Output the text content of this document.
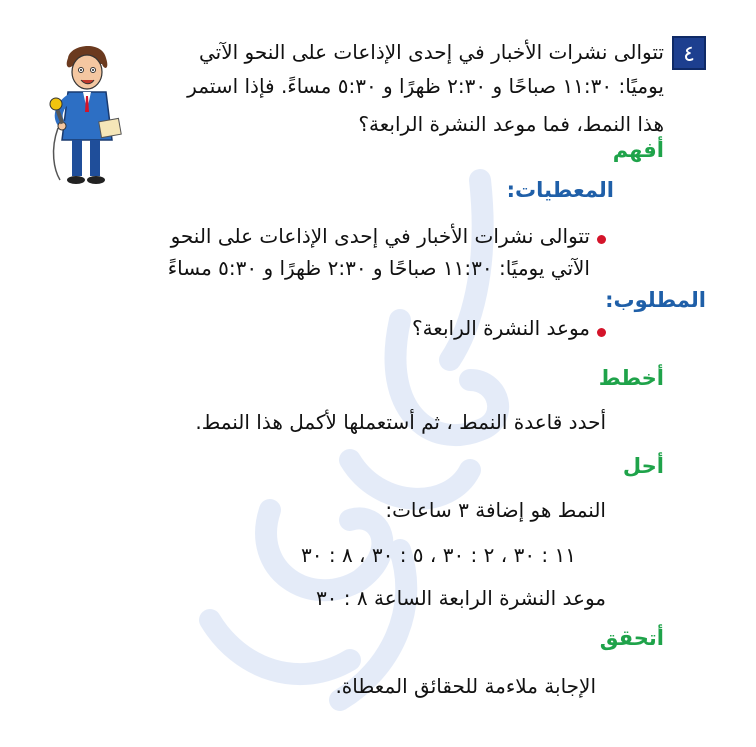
٤
تتوالى نشرات الأخبار في إحدى الإذاعات على النحو الآتي
يوميًا: ١١:٣٠ صباحًا و ٢:٣٠ ظهرًا و ٥:٣٠ مساءً. فإذا استمر
هذا النمط، فما موعد النشرة الرابعة؟
أفهم
المعطيات:
تتوالى نشرات الأخبار في إحدى الإذاعات على النحو
الآتي يوميًا: ١١:٣٠ صباحًا و ٢:٣٠ ظهرًا و ٥:٣٠ مساءً
المطلوب:
موعد النشرة الرابعة؟
أخطط
أحدد قاعدة النمط ، ثم أستعملها لأكمل هذا النمط.
أحل
النمط هو إضافة ٣ ساعات:
١١ : ٣٠ ، ٢ : ٣٠ ، ٥ : ٣٠ ، ٨ : ٣٠
موعد النشرة الرابعة الساعة ٨ : ٣٠
أتحقق
الإجابة ملاءمة للحقائق المعطاة.
